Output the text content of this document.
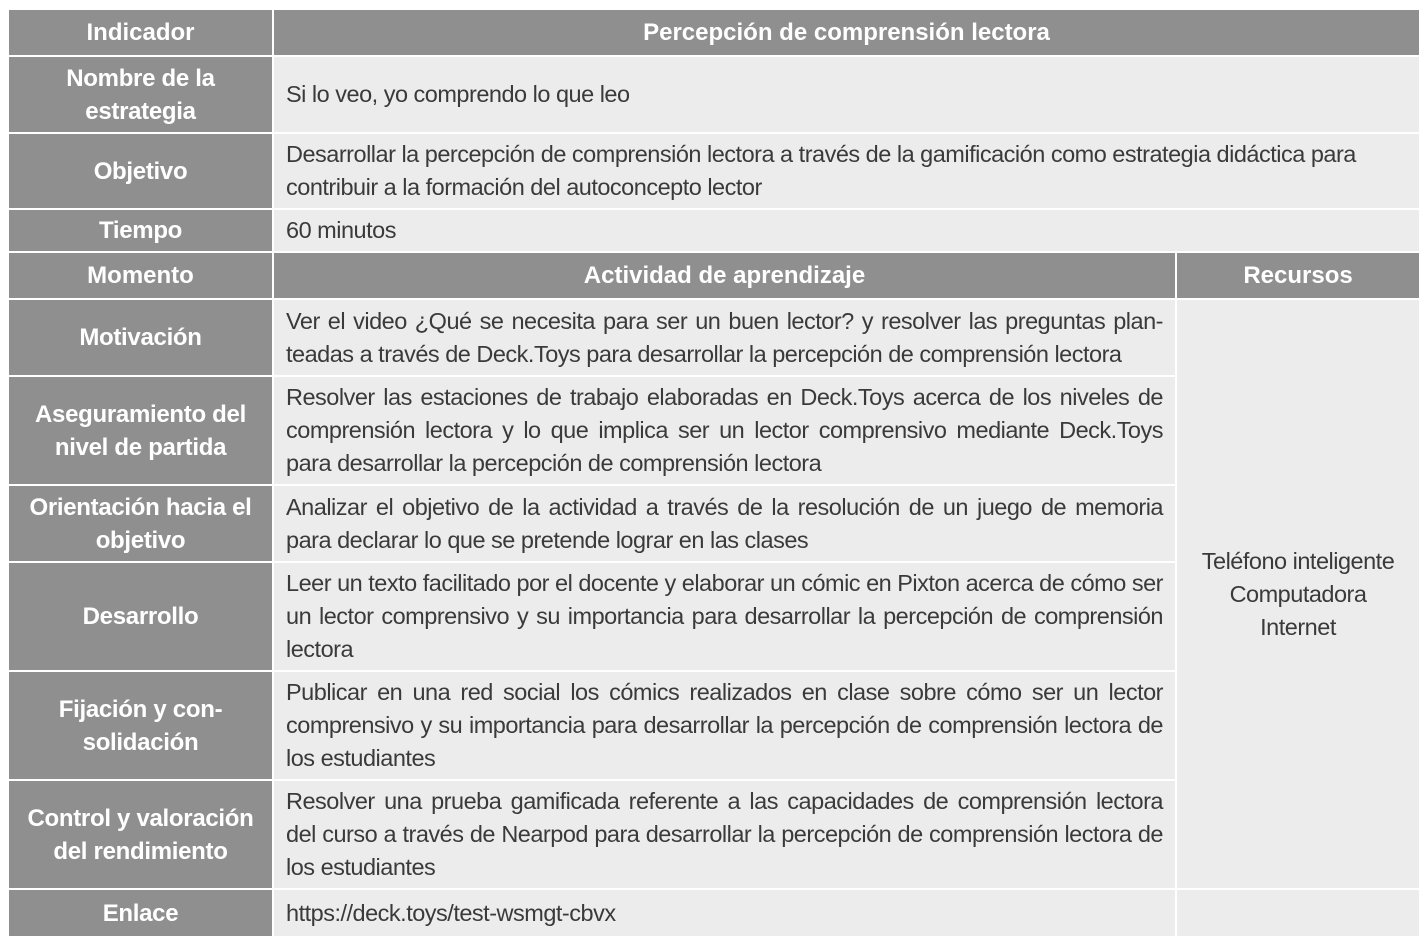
Indicador	Percepción de comprensión lectora	
Nombre de la estrategia	Si lo veo, yo comprendo lo que leo	
Objetivo	Desarrollar la percepción de comprensión lectora a través de la gamificación como estrategia didáctica para contribuir a la formación del autoconcepto lector	
Tiempo	60 minutos	
Momento	Actividad de aprendizaje	Recursos
Motivación	Ver el video ¿Qué se necesita para ser un buen lector? y resolver las preguntas plan-teadas a través de Deck.Toys para desarrollar la percepción de comprensión lectora	Teléfono inteligente
Computadora
Internet

Aseguramiento del nivel de partida	Resolver las estaciones de trabajo elaboradas en Deck.Toys acerca de los niveles de comprensión lectora y lo que implica ser un lector comprensivo mediante Deck.Toys para desarrollar la percepción de comprensión lectora	
Orientación hacia el objetivo	Analizar el objetivo de la actividad a través de la resolución de un juego de memoria para declarar lo que se pretende lograr en las clases	
Desarrollo	Leer un texto facilitado por el docente y elaborar un cómic en Pixton acerca de cómo ser un lector comprensivo y su importancia para desarrollar la percepción de comprensión lectora	
Fijación y con-solidación	Publicar en una red social los cómics realizados en clase sobre cómo ser un lector comprensivo y su importancia para desarrollar la percepción de comprensión lectora de los estudiantes	
Control y valoración del rendimiento	Resolver una prueba gamificada referente a las capacidades de comprensión lectora del curso a través de Nearpod para desarrollar la percepción de comprensión lectora de los estudiantes	
Enlace	https://deck.toys/test-wsmgt-cbvx	
